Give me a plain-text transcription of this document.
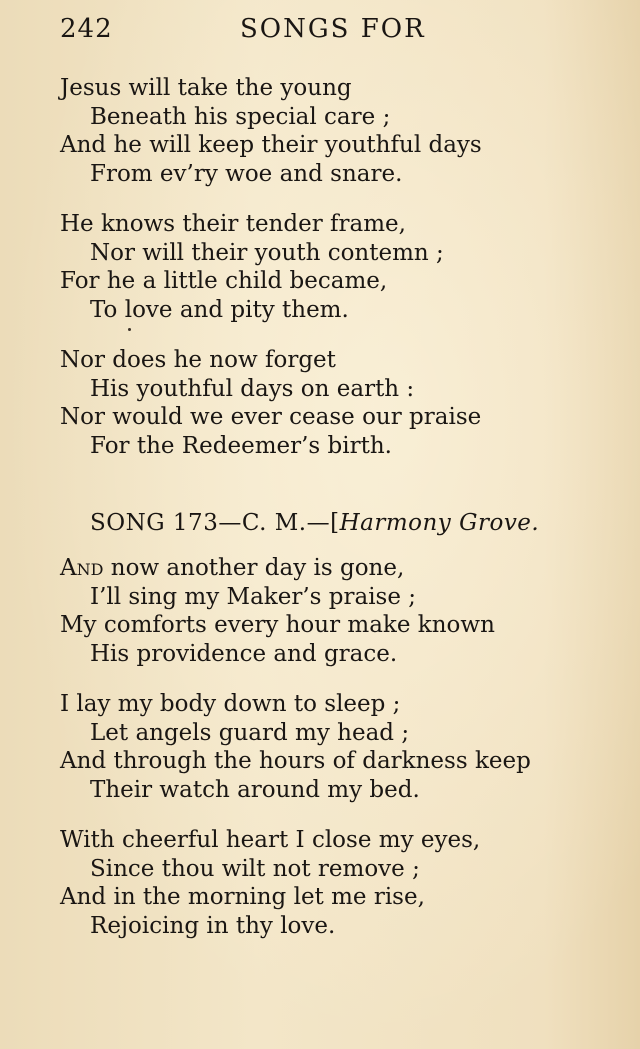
242	SONGS FOR
Jesus will take the young
Beneath his special care ;
And he will keep their youthful days
From ev’ry woe and snare.
He knows their tender frame,
Nor will their youth contemn ;
For he a little child became,
To love and pity them.
Nor does he now forget
His youthful days on earth :
Nor would we ever cease our praise
For the Redeemer’s birth.
SONG 173—C. M.—[Harmony Grove.
And now another day is gone,
I’ll sing my Maker’s praise ;
My comforts every hour make known
His providence and grace.
I lay my body down to sleep ;
Let angels guard my head ;
And through the hours of darkness keep
Their watch around my bed.
With cheerful heart I close my eyes,
Since thou wilt not remove ;
And in the morning let me rise,
Rejoicing in thy love.
